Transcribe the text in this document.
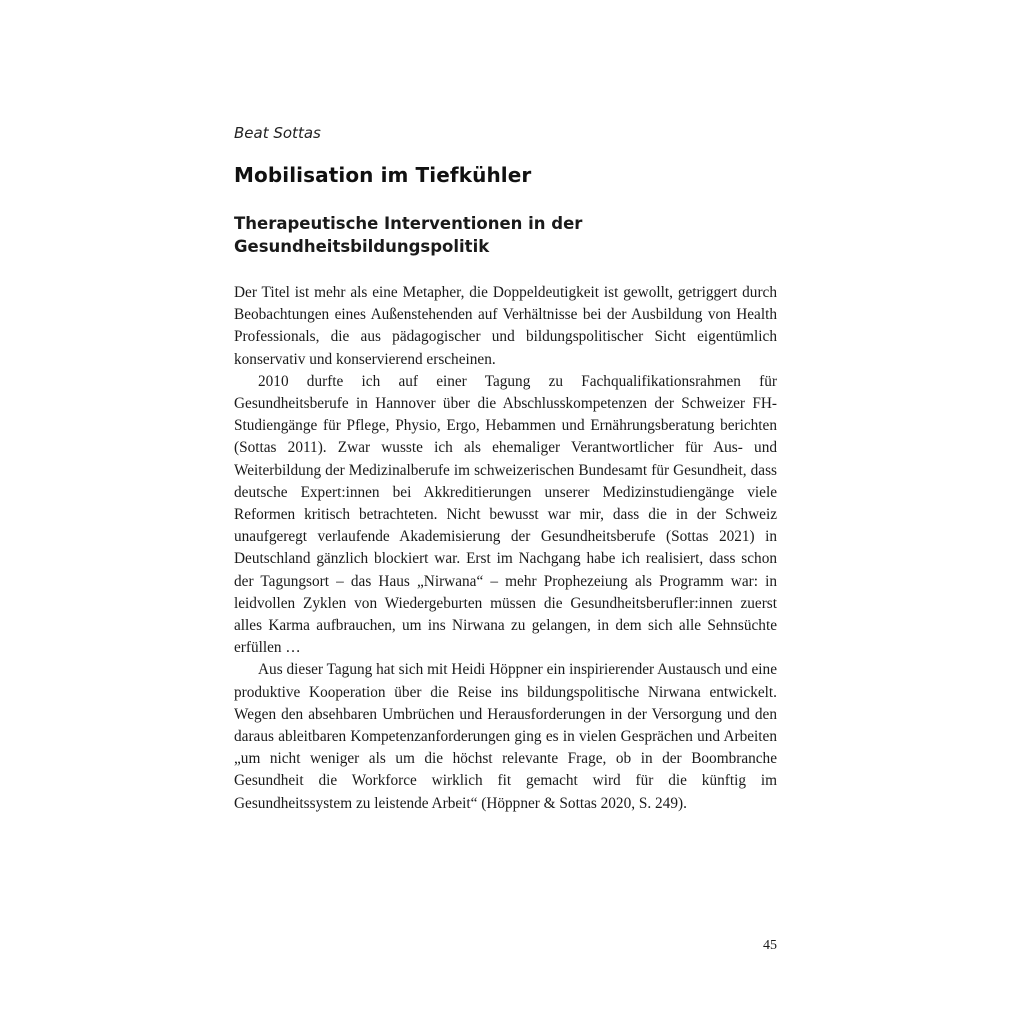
Beat Sottas

Mobilisation im Tiefkühler
Therapeutische Interventionen in der
Gesundheitsbildungspolitik

Der Titel ist mehr als eine Metapher, die Doppeldeutigkeit ist gewollt, getriggert durch Beobachtungen eines Außenstehenden auf Verhältnisse bei der Ausbildung von Health Professionals, die aus pädagogischer und bildungspolitischer Sicht eigentümlich konservativ und konservierend erscheinen.

2010 durfte ich auf einer Tagung zu Fachqualifikationsrahmen für Gesundheitsberufe in Hannover über die Abschlusskompetenzen der Schweizer FH-Studiengänge für Pflege, Physio, Ergo, Hebammen und Ernährungsberatung berichten (Sottas 2011). Zwar wusste ich als ehemaliger Verantwortlicher für Aus- und Weiterbildung der Medizinalberufe im schweizerischen Bundesamt für Gesundheit, dass deutsche Expert:innen bei Akkreditierungen unserer Medizinstudiengänge viele Reformen kritisch betrachteten. Nicht bewusst war mir, dass die in der Schweiz unaufgeregt verlaufende Akademisierung der Gesundheitsberufe (Sottas 2021) in Deutschland gänzlich blockiert war. Erst im Nachgang habe ich realisiert, dass schon der Tagungsort – das Haus „Nirwana“ – mehr Prophezeiung als Programm war: in leidvollen Zyklen von Wiedergeburten müssen die Gesundheitsberufler:innen zuerst alles Karma aufbrauchen, um ins Nirwana zu gelangen, in dem sich alle Sehnsüchte erfüllen …

Aus dieser Tagung hat sich mit Heidi Höppner ein inspirierender Austausch und eine produktive Kooperation über die Reise ins bildungspolitische Nirwana entwickelt. Wegen den absehbaren Umbrüchen und Herausforderungen in der Versorgung und den daraus ableitbaren Kompetenzanforderungen ging es in vielen Gesprächen und Arbeiten „um nicht weniger als um die höchst relevante Frage, ob in der Boombranche Gesundheit die Workforce wirklich fit gemacht wird für die künftig im Gesundheitssystem zu leistende Arbeit“ (Höppner & Sottas 2020, S. 249).

45
